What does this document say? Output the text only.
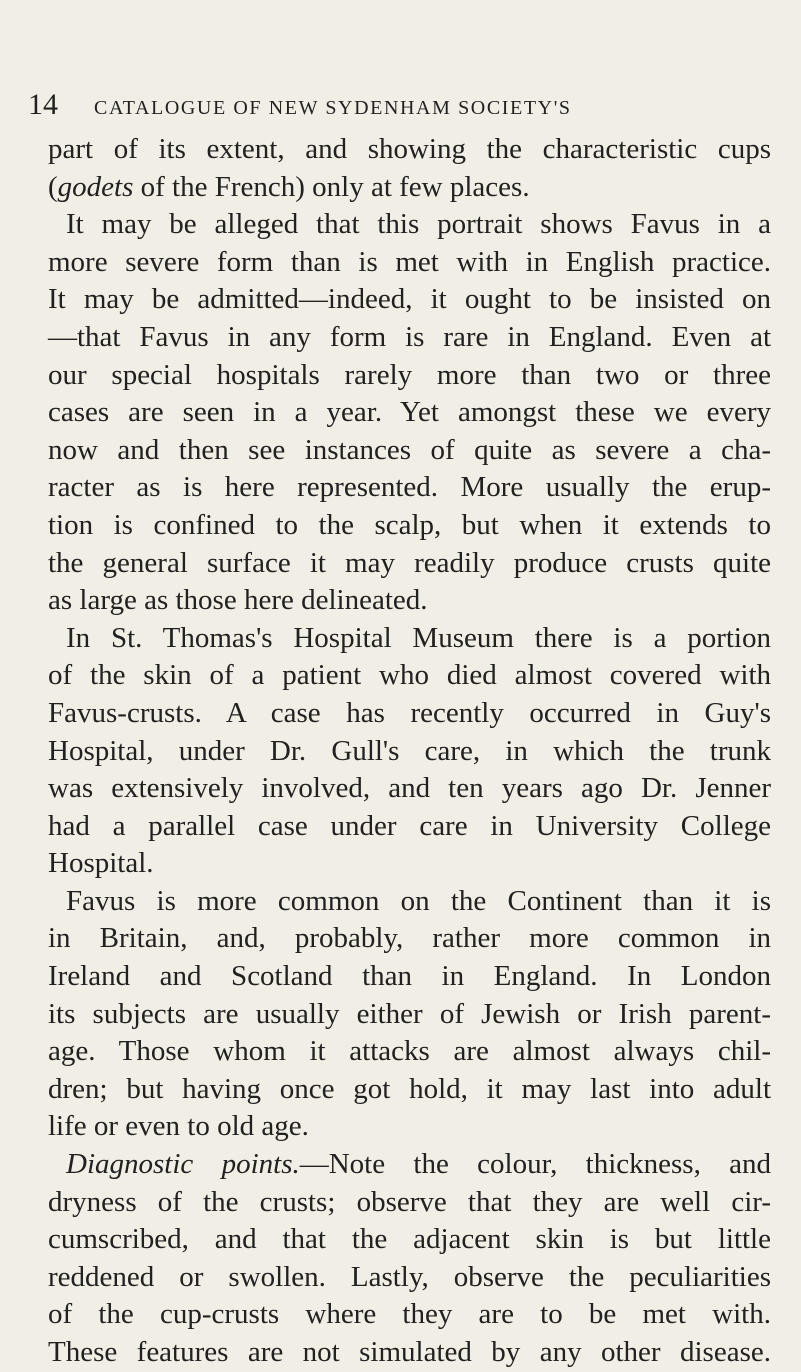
14 CATALOGUE OF NEW SYDENHAM SOCIETY'S
part of its extent, and showing the characteristic cups
(godets of the French) only at few places.
It may be alleged that this portrait shows Favus in a
more severe form than is met with in English practice.
It may be admitted—indeed, it ought to be insisted on
—that Favus in any form is rare in England. Even at
our special hospitals rarely more than two or three
cases are seen in a year. Yet amongst these we every
now and then see instances of quite as severe a cha-
racter as is here represented. More usually the erup-
tion is confined to the scalp, but when it extends to
the general surface it may readily produce crusts quite
as large as those here delineated.
In St. Thomas's Hospital Museum there is a portion
of the skin of a patient who died almost covered with
Favus-crusts. A case has recently occurred in Guy's
Hospital, under Dr. Gull's care, in which the trunk
was extensively involved, and ten years ago Dr. Jenner
had a parallel case under care in University College
Hospital.
Favus is more common on the Continent than it is
in Britain, and, probably, rather more common in
Ireland and Scotland than in England. In London
its subjects are usually either of Jewish or Irish parent-
age. Those whom it attacks are almost always chil-
dren; but having once got hold, it may last into adult
life or even to old age.
Diagnostic points.—Note the colour, thickness, and
dryness of the crusts; observe that they are well cir-
cumscribed, and that the adjacent skin is but little
reddened or swollen. Lastly, observe the peculiarities
of the cup-crusts where they are to be met with.
These features are not simulated by any other disease.
